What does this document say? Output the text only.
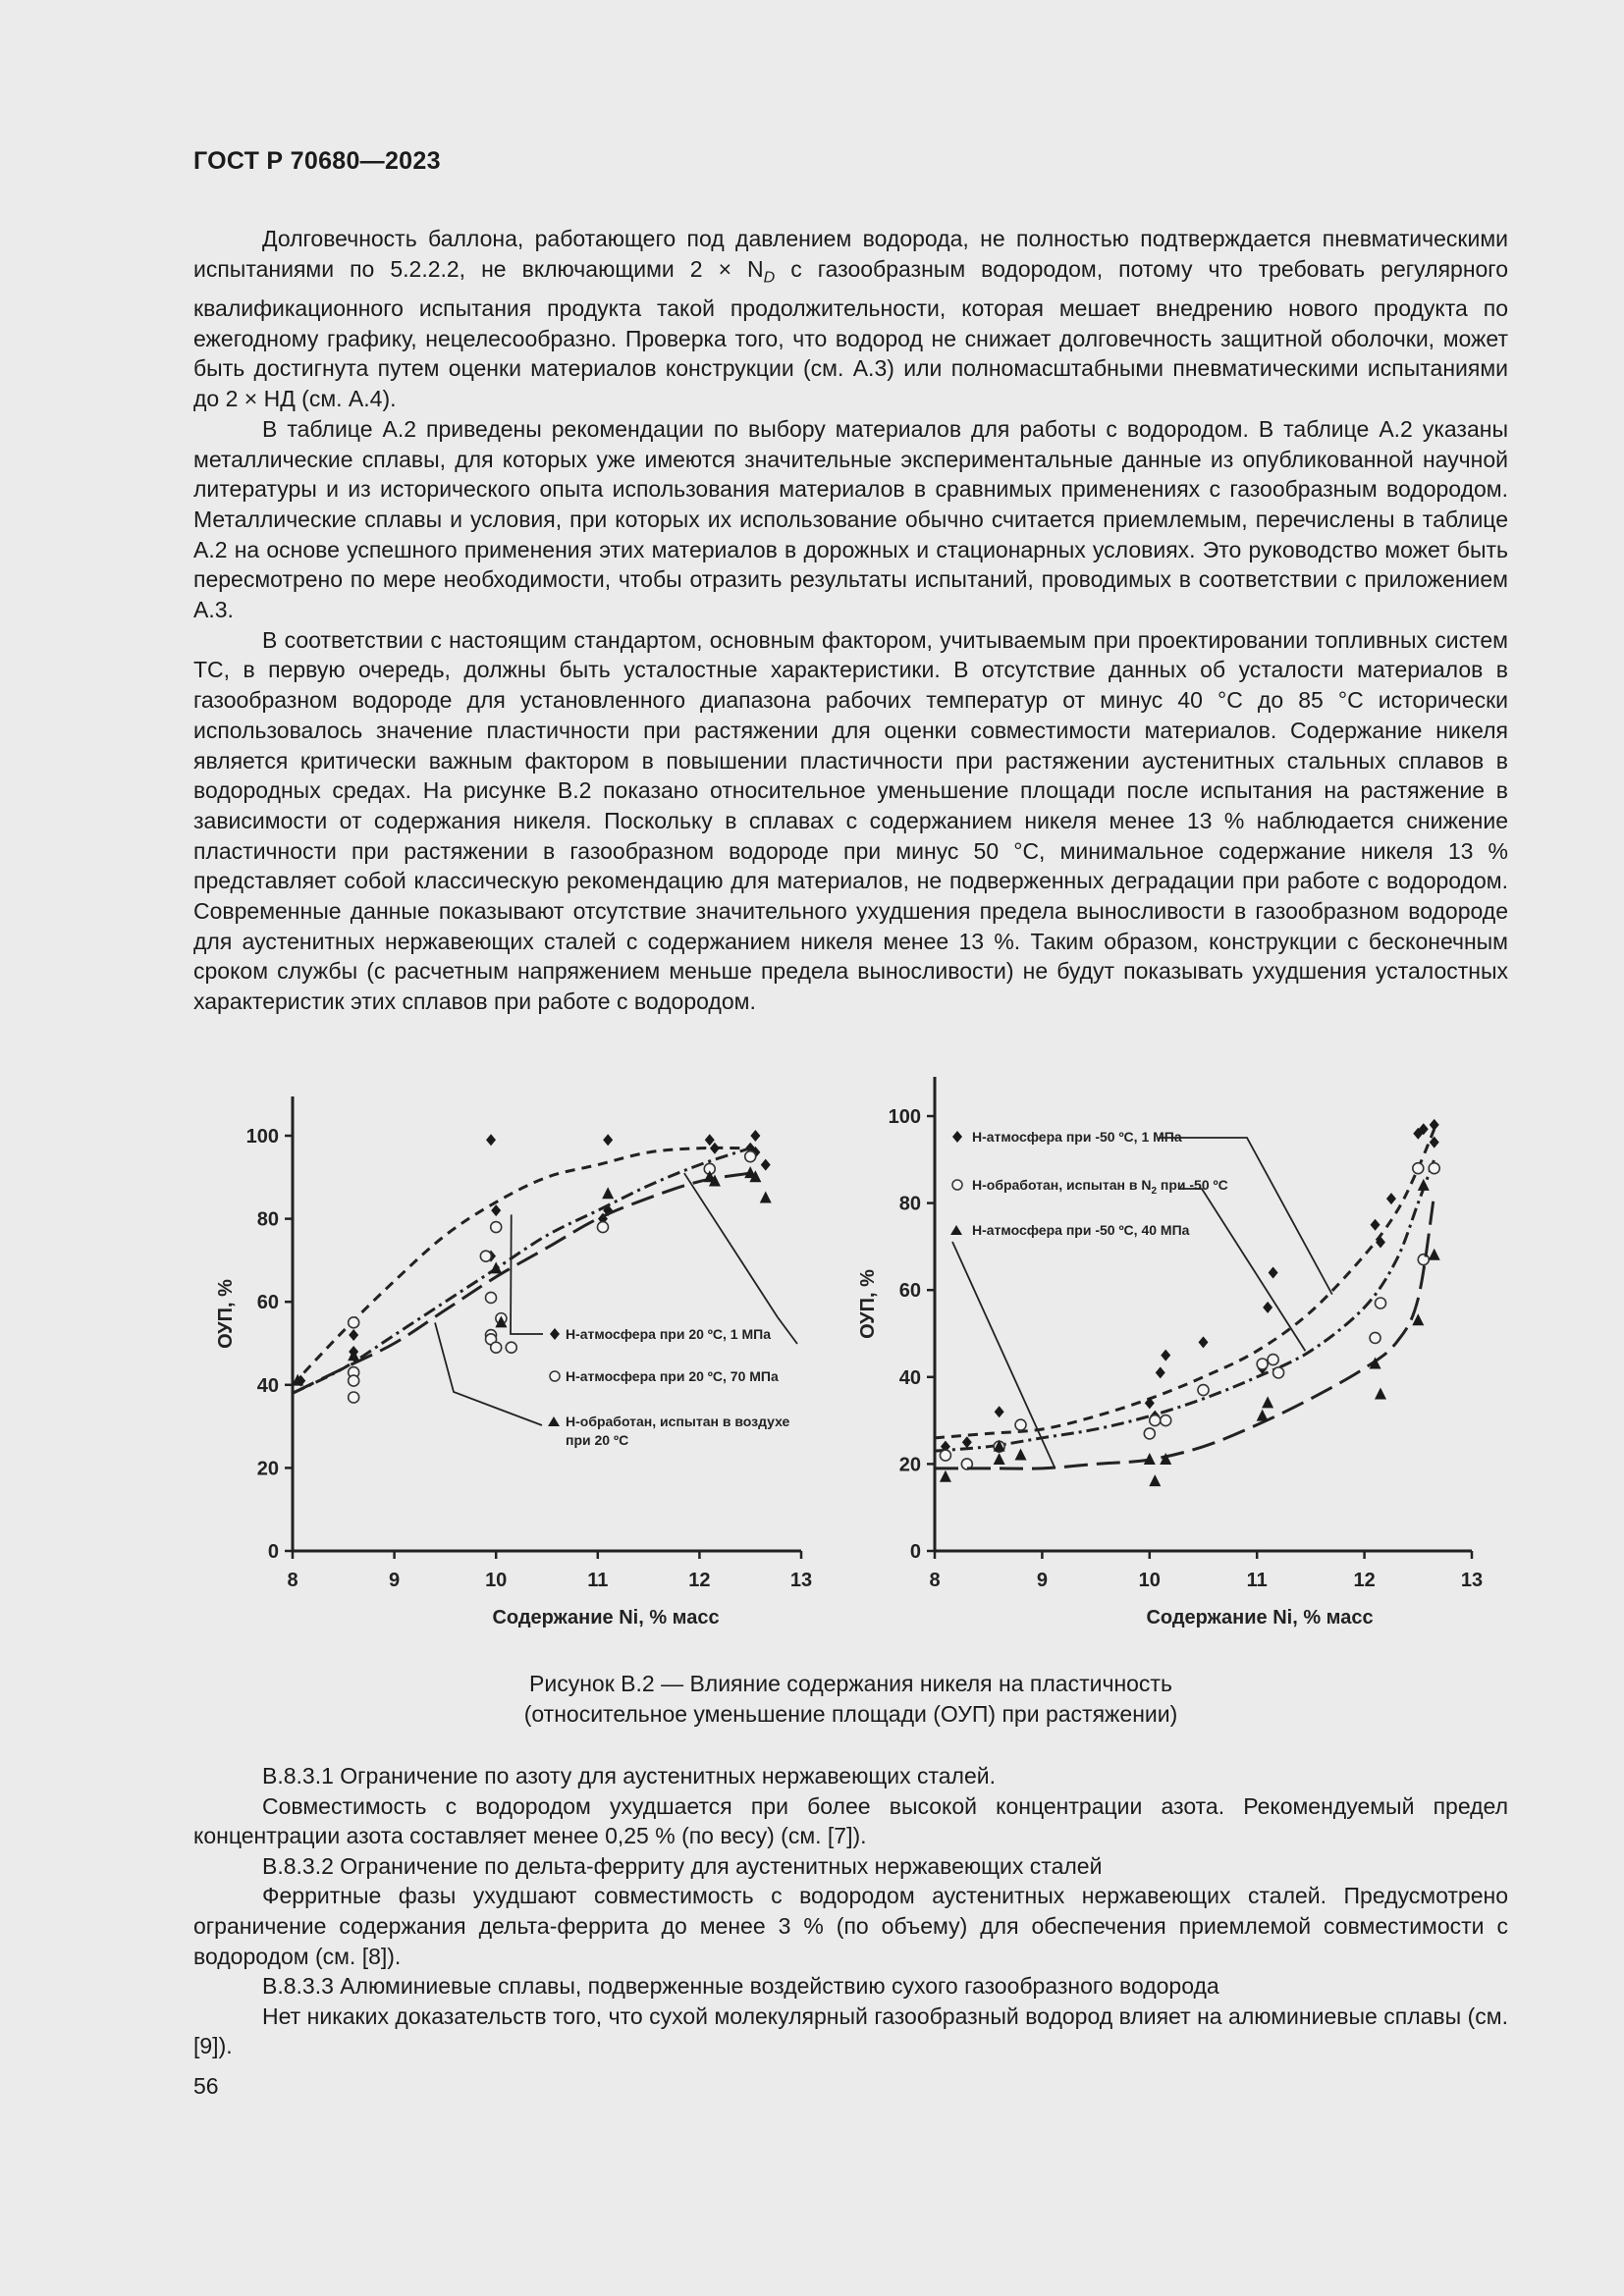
ГОСТ Р 70680—2023

Долговечность баллона, работающего под давлением водорода, не полностью подтверждается пневматическими испытаниями по 5.2.2.2, не включающими $2 \times N_D$ с газообразным водородом, потому что требовать регулярного квалификационного испытания продукта такой продолжительности, которая мешает внедрению нового продукта по ежегодному графику, нецелесообразно. Проверка того, что водород не снижает долговечность защитной оболочки, может быть достигнута путем оценки материалов конструкции (см. А.3) или полномасштабными пневматическими испытаниями до 2 × НД (см. А.4).

В таблице А.2 приведены рекомендации по выбору материалов для работы с водородом. В таблице А.2 указаны металлические сплавы, для которых уже имеются значительные экспериментальные данные из опубликованной научной литературы и из исторического опыта использования материалов в сравнимых применениях с газообразным водородом. Металлические сплавы и условия, при которых их использование обычно считается приемлемым, перечислены в таблице А.2 на основе успешного применения этих материалов в дорожных и стационарных условиях. Это руководство может быть пересмотрено по мере необходимости, чтобы отразить результаты испытаний, проводимых в соответствии с приложением А.3.

В соответствии с настоящим стандартом, основным фактором, учитываемым при проектировании топливных систем ТС, в первую очередь, должны быть усталостные характеристики. В отсутствие данных об усталости материалов в газообразном водороде для установленного диапазона рабочих температур от минус 40 °С до 85 °С исторически использовалось значение пластичности при растяжении для оценки совместимости материалов. Содержание никеля является критически важным фактором в повышении пластичности при растяжении аустенитных стальных сплавов в водородных средах. На рисунке В.2 показано относительное уменьшение площади после испытания на растяжение в зависимости от содержания никеля. Поскольку в сплавах с содержанием никеля менее 13 % наблюдается снижение пластичности при растяжении в газообразном водороде при минус 50 °С, минимальное содержание никеля 13 % представляет собой классическую рекомендацию для материалов, не подверженных деградации при работе с водородом. Современные данные показывают отсутствие значительного ухудшения предела выносливости в газообразном водороде для аустенитных нержавеющих сталей с содержанием никеля менее 13 %. Таким образом, конструкции с бесконечным сроком службы (с расчетным напряжением меньше предела выносливости) не будут показывать ухудшения усталостных характеристик этих сплавов при работе с водородом.

0
20
40
60
80
100
8	9	10	11	12	13
ОУП, %
Содержание Ni, % масс
Н-атмосфера при 20 ºС, 1 МПа
Н-атмосфера при 20 ºС, 70 МПа
Н-обработан, испытан в воздухе
при 20 ºС
0
20
40
60
80
100
8	9	10	11	12	13
ОУП, %
Содержание Ni, % масс
Н-атмосфера при -50 ºС, 1 МПа
Н-обработан, испытан в $N_2$ при -50 ºС
Н-атмосфера при -50 ºС, 40 МПа
Рисунок В.2 — Влияние содержания никеля на пластичность
(относительное уменьшение площади (ОУП) при растяжении)

В.8.3.1 Ограничение по азоту для аустенитных нержавеющих сталей.

Совместимость с водородом ухудшается при более высокой концентрации азота. Рекомендуемый предел концентрации азота составляет менее 0,25 % (по весу) (см. [7]).

В.8.3.2 Ограничение по дельта-ферриту для аустенитных нержавеющих сталей

Ферритные фазы ухудшают совместимость с водородом аустенитных нержавеющих сталей. Предусмотрено ограничение содержания дельта-феррита до менее 3 % (по объему) для обеспечения приемлемой совместимости с водородом (см. [8]).

В.8.3.3 Алюминиевые сплавы, подверженные воздействию сухого газообразного водорода

Нет никаких доказательств того, что сухой молекулярный газообразный водород влияет на алюминиевые сплавы (см. [9]).

56
